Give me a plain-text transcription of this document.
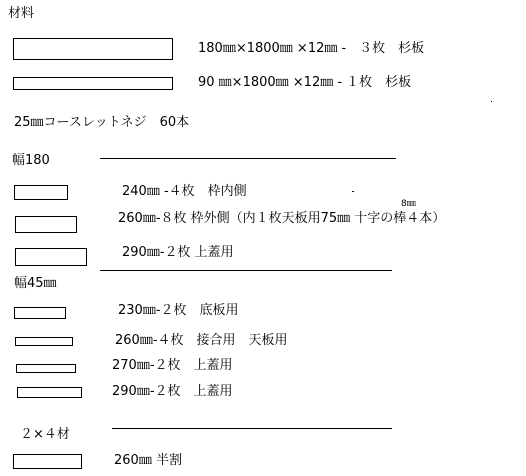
材料
180㎜×1800㎜ ×12㎜ -　３枚　杉板
90 ㎜×1800㎜ ×12㎜ - １枚　杉板
25㎜コースレットネジ　60本
幅180
240㎜ -４枚　枠内側
8㎜
260㎜-８枚 枠外側（内１枚天板用75㎜ 十字の棒４本）
290㎜-２枚 上蓋用
幅45㎜
230㎜-２枚　底板用
260㎜-４枚　接合用　天板用
270㎜-２枚　上蓋用
290㎜-２枚　上蓋用
２×４材
260㎜ 半割
